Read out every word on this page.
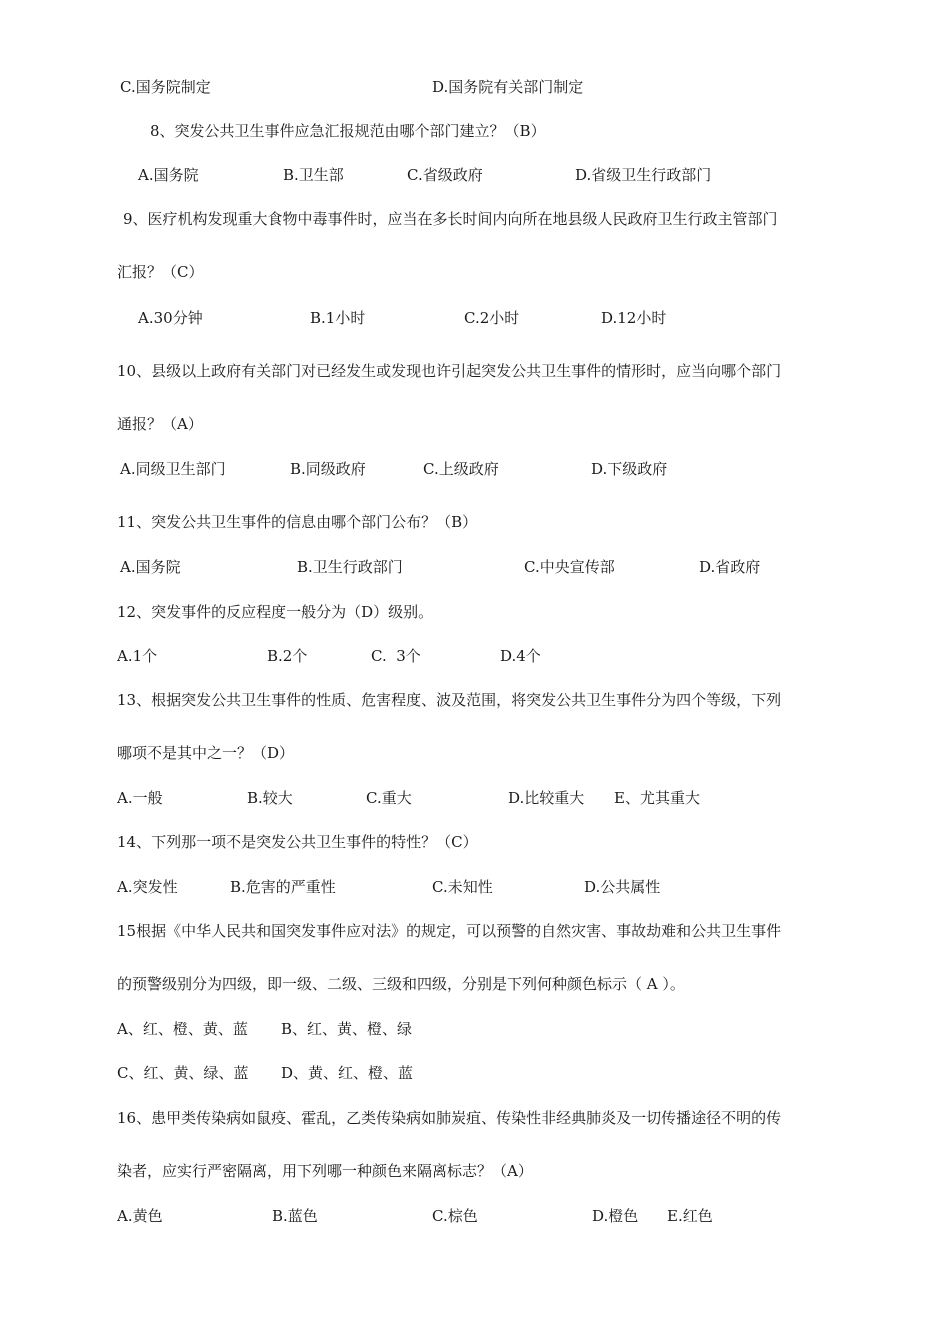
C.国务院制定	D.国务院有关部门制定
8、突发公共卫生事件应急汇报规范由哪个部门建立？（B）
A.国务院	B.卫生部	C.省级政府	D.省级卫生行政部门
9、医疗机构发现重大食物中毒事件时，应当在多长时间内向所在地县级人民政府卫生行政主管部门
汇报？（C）
A.30分钟	B.1小时	C.2小时	D.12小时
10、县级以上政府有关部门对已经发生或发现也许引起突发公共卫生事件的情形时，应当向哪个部门
通报？（A）
A.同级卫生部门	B.同级政府	C.上级政府	D.下级政府
11、突发公共卫生事件的信息由哪个部门公布？（B）
A.国务院	B.卫生行政部门	C.中央宣传部	D.省政府
12、突发事件的反应程度一般分为（D）级别。
A.1个	B.2个	C.  3个	D.4个
13、根据突发公共卫生事件的性质、危害程度、波及范围，将突发公共卫生事件分为四个等级，下列
哪项不是其中之一？（D）
A.一般	B.较大	C.重大	D.比较重大 E、尤其重大
14、下列那一项不是突发公共卫生事件的特性？（C）
A.突发性	B.危害的严重性	C.未知性	D.公共属性
15根据《中华人民共和国突发事件应对法》的规定，可以预警的自然灾害、事故劫难和公共卫生事件
的预警级别分为四级，即一级、二级、三级和四级，分别是下列何种颜色标示（ A ）。
A、红、橙、黄、蓝 B、红、黄、橙、绿
C、红、黄、绿、蓝 D、黄、红、橙、蓝
16、患甲类传染病如鼠疫、霍乱，乙类传染病如肺炭疽、传染性非经典肺炎及一切传播途径不明的传
染者，应实行严密隔离，用下列哪一种颜色来隔离标志？（A）
A.黄色	B.蓝色	C.棕色	D.橙色 E.红色
